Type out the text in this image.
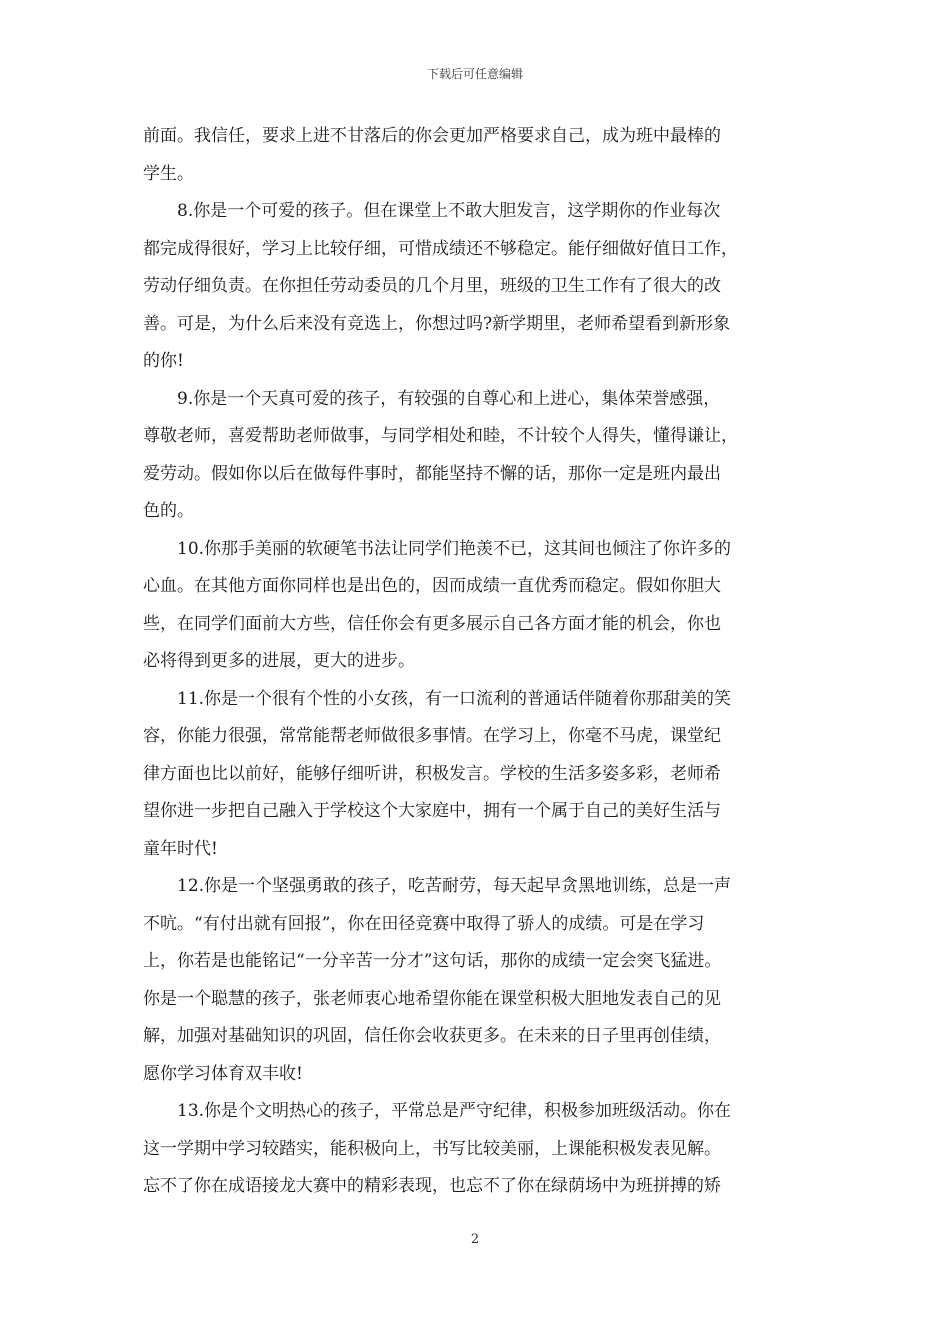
下载后可任意编辑
前面。我信任，要求上进不甘落后的你会更加严格要求自己，成为班中最棒的
学生。
8.你是一个可爱的孩子。但在课堂上不敢大胆发言，这学期你的作业每次
都完成得很好，学习上比较仔细，可惜成绩还不够稳定。能仔细做好值日工作，
劳动仔细负责。在你担任劳动委员的几个月里，班级的卫生工作有了很大的改
善。可是，为什么后来没有竞选上，你想过吗?新学期里，老师希望看到新形象
的你!
9.你是一个天真可爱的孩子，有较强的自尊心和上进心，集体荣誉感强，
尊敬老师，喜爱帮助老师做事，与同学相处和睦，不计较个人得失，懂得谦让，
爱劳动。假如你以后在做每件事时，都能坚持不懈的话，那你一定是班内最出
色的。
10.你那手美丽的软硬笔书法让同学们艳羡不已，这其间也倾注了你许多的
心血。在其他方面你同样也是出色的，因而成绩一直优秀而稳定。假如你胆大
些，在同学们面前大方些，信任你会有更多展示自己各方面才能的机会，你也
必将得到更多的进展，更大的进步。
11.你是一个很有个性的小女孩，有一口流利的普通话伴随着你那甜美的笑
容，你能力很强，常常能帮老师做很多事情。在学习上，你毫不马虎，课堂纪
律方面也比以前好，能够仔细听讲，积极发言。学校的生活多姿多彩，老师希
望你进一步把自己融入于学校这个大家庭中，拥有一个属于自己的美好生活与
童年时代!
12.你是一个坚强勇敢的孩子，吃苦耐劳，每天起早贪黑地训练，总是一声
不吭。“有付出就有回报”，你在田径竞赛中取得了骄人的成绩。可是在学习
上，你若是也能铭记“一分辛苦一分才”这句话，那你的成绩一定会突飞猛进。
你是一个聪慧的孩子，张老师衷心地希望你能在课堂积极大胆地发表自己的见
解，加强对基础知识的巩固，信任你会收获更多。在未来的日子里再创佳绩，
愿你学习体育双丰收!
13.你是个文明热心的孩子，平常总是严守纪律，积极参加班级活动。你在
这一学期中学习较踏实，能积极向上，书写比较美丽，上课能积极发表见解。
忘不了你在成语接龙大赛中的精彩表现，也忘不了你在绿荫场中为班拼搏的矫
2
